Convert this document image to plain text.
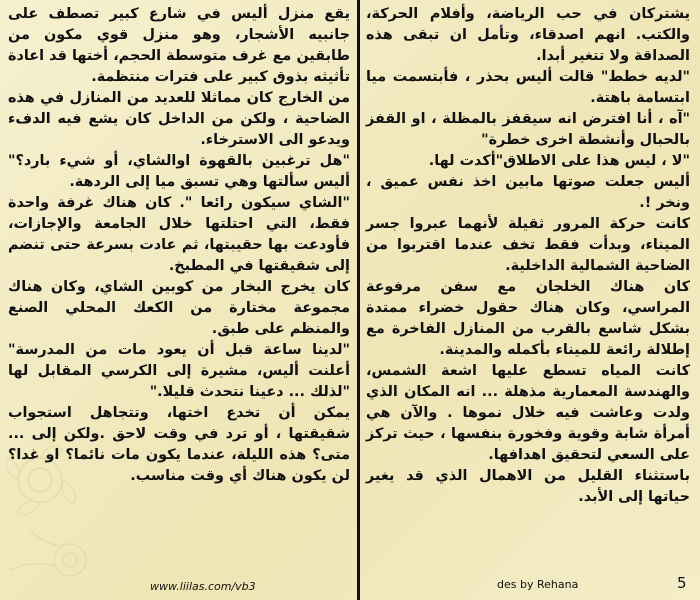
يقع منزل أليس في شارع كبير تصطف على جانبيه الأشجار، وهو منزل قوي مكون من طابقين مع غرف متوسطة الحجم، أختها قد اعادة تأثيثه بذوق كبير على فترات منتظمة.

من الخارج كان مماثلا للعديد من المنازل في هذه الضاحية ، ولكن من الداخل كان يشع فيه الدفء ويدعو الى الاسترخاء.

"هل ترغبين بالقهوة اوالشاي، أو شيء بارد؟" أليس سألتها وهي تسبق ميا إلى الردهة.

"الشاي سيكون رائعا ". كان هناك غرفة واحدة فقط، التي احتلتها خلال الجامعة والإجازات، فأودعت بها حقيبتها، ثم عادت بسرعة حتى تنضم إلى شقيقتها في المطبخ.

كان يخرج البخار من كوبين الشاي، وكان هناك مجموعة مختارة من الكعك المحلي الصنع والمنظم على طبق.

"لدينا ساعة قبل أن يعود مات من المدرسة" أعلنت أليس، مشيرة إلى الكرسي المقابل لها "لذلك ... دعينا نتحدث قليلا."

يمكن أن تخدع اختها، وتتجاهل استجواب شقيقتها ، أو ترد في وقت لاحق .ولكن إلى ... متى؟ هذه الليلة، عندما يكون مات نائما؟ او غدا؟ لن يكون هناك أي وقت مناسب.

يشتركان في حب الرياضة، وأفلام الحركة، والكتب. انهم اصدقاء، وتأمل ان تبقى هذه الصداقة ولا تتغير أبدا.

"لديه خطط" قالت أليس بحذر ، فأبتسمت ميا ابتسامة باهتة.

"آه ، أنا افترض انه سيقفز بالمظلة ، او القفز بالحبال وأنشطة اخرى خطرة"

"لا ، ليس هذا على الاطلاق"أكدت لها.

أليس جعلت صوتها مابين اخذ نفس عميق ، ونخر !.

كانت حركة المرور ثقيلة لأنهما عبروا جسر الميناء، وبدأت فقط تخف عندما اقتربوا من الضاحية الشمالية الداخلية.

كان هناك الخلجان مع سفن مرفوعة المراسي، وكان هناك حقول خضراء ممتدة بشكل شاسع بالقرب من المنازل الفاخرة مع إطلالة رائعة للميناء بأكمله والمدينة.

كانت المياه تسطع عليها اشعة الشمس، والهندسة المعمارية مذهلة ... انه المكان الذي ولدت وعاشت فيه خلال نموها . والآن هي أمرأة شابة وقوية وفخورة بنفسها ، حيث تركز على السعي لتحقيق اهدافها.

باستثناء القليل من الاهمال الذي قد يغير حياتها إلى الأبد.

www.liilas.com/vb3	des by Rehana	5
